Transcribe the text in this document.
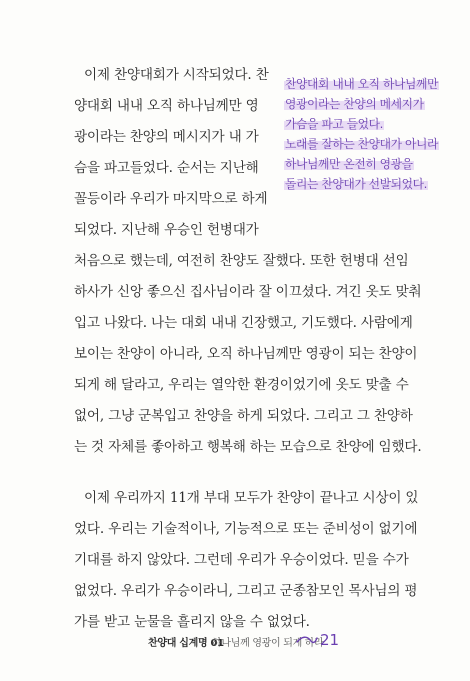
이제 찬양대회가 시작되었다. 찬
양대회 내내 오직 하나님께만 영
광이라는 찬양의 메시지가 내 가
슴을 파고들었다. 순서는 지난해
꼴등이라 우리가 마지막으로 하게
되었다. 지난해 우승인 헌병대가
처음으로 했는데, 여전히 찬양도 잘했다. 또한 헌병대 선임
하사가 신앙 좋으신 집사님이라 잘 이끄셨다. 겨긴 옷도 맞춰
입고 나왔다. 나는 대회 내내 긴장했고, 기도했다. 사람에게
보이는 찬양이 아니라, 오직 하나님께만 영광이 되는 찬양이
되게 해 달라고, 우리는 열악한 환경이었기에 옷도 맞출 수
없어, 그냥 군복입고 찬양을 하게 되었다. 그리고 그 찬양하
는 것 자체를 좋아하고 행복해 하는 모습으로 찬양에 임했다.
이제 우리까지 11개 부대 모두가 찬양이 끝나고 시상이 있
었다. 우리는 기술적이나, 기능적으로 또는 준비성이 없기에
기대를 하지 않았다. 그런데 우리가 우승이었다. 믿을 수가
없었다. 우리가 우승이라니, 그리고 군종참모인 목사님의 평
가를 받고 눈물을 흘리지 않을 수 없었다.
찬양대회 내내 오직 하나님께만
영광이라는 찬양의 메세지가
가슴을 파고 들었다.
노래를 잘하는 찬양대가 아니라
하나님께만 온전히 영광을
돌리는 찬양대가 선발되었다.
찬양대 십계명 01
하나님께 영광이 되게 하라
21
